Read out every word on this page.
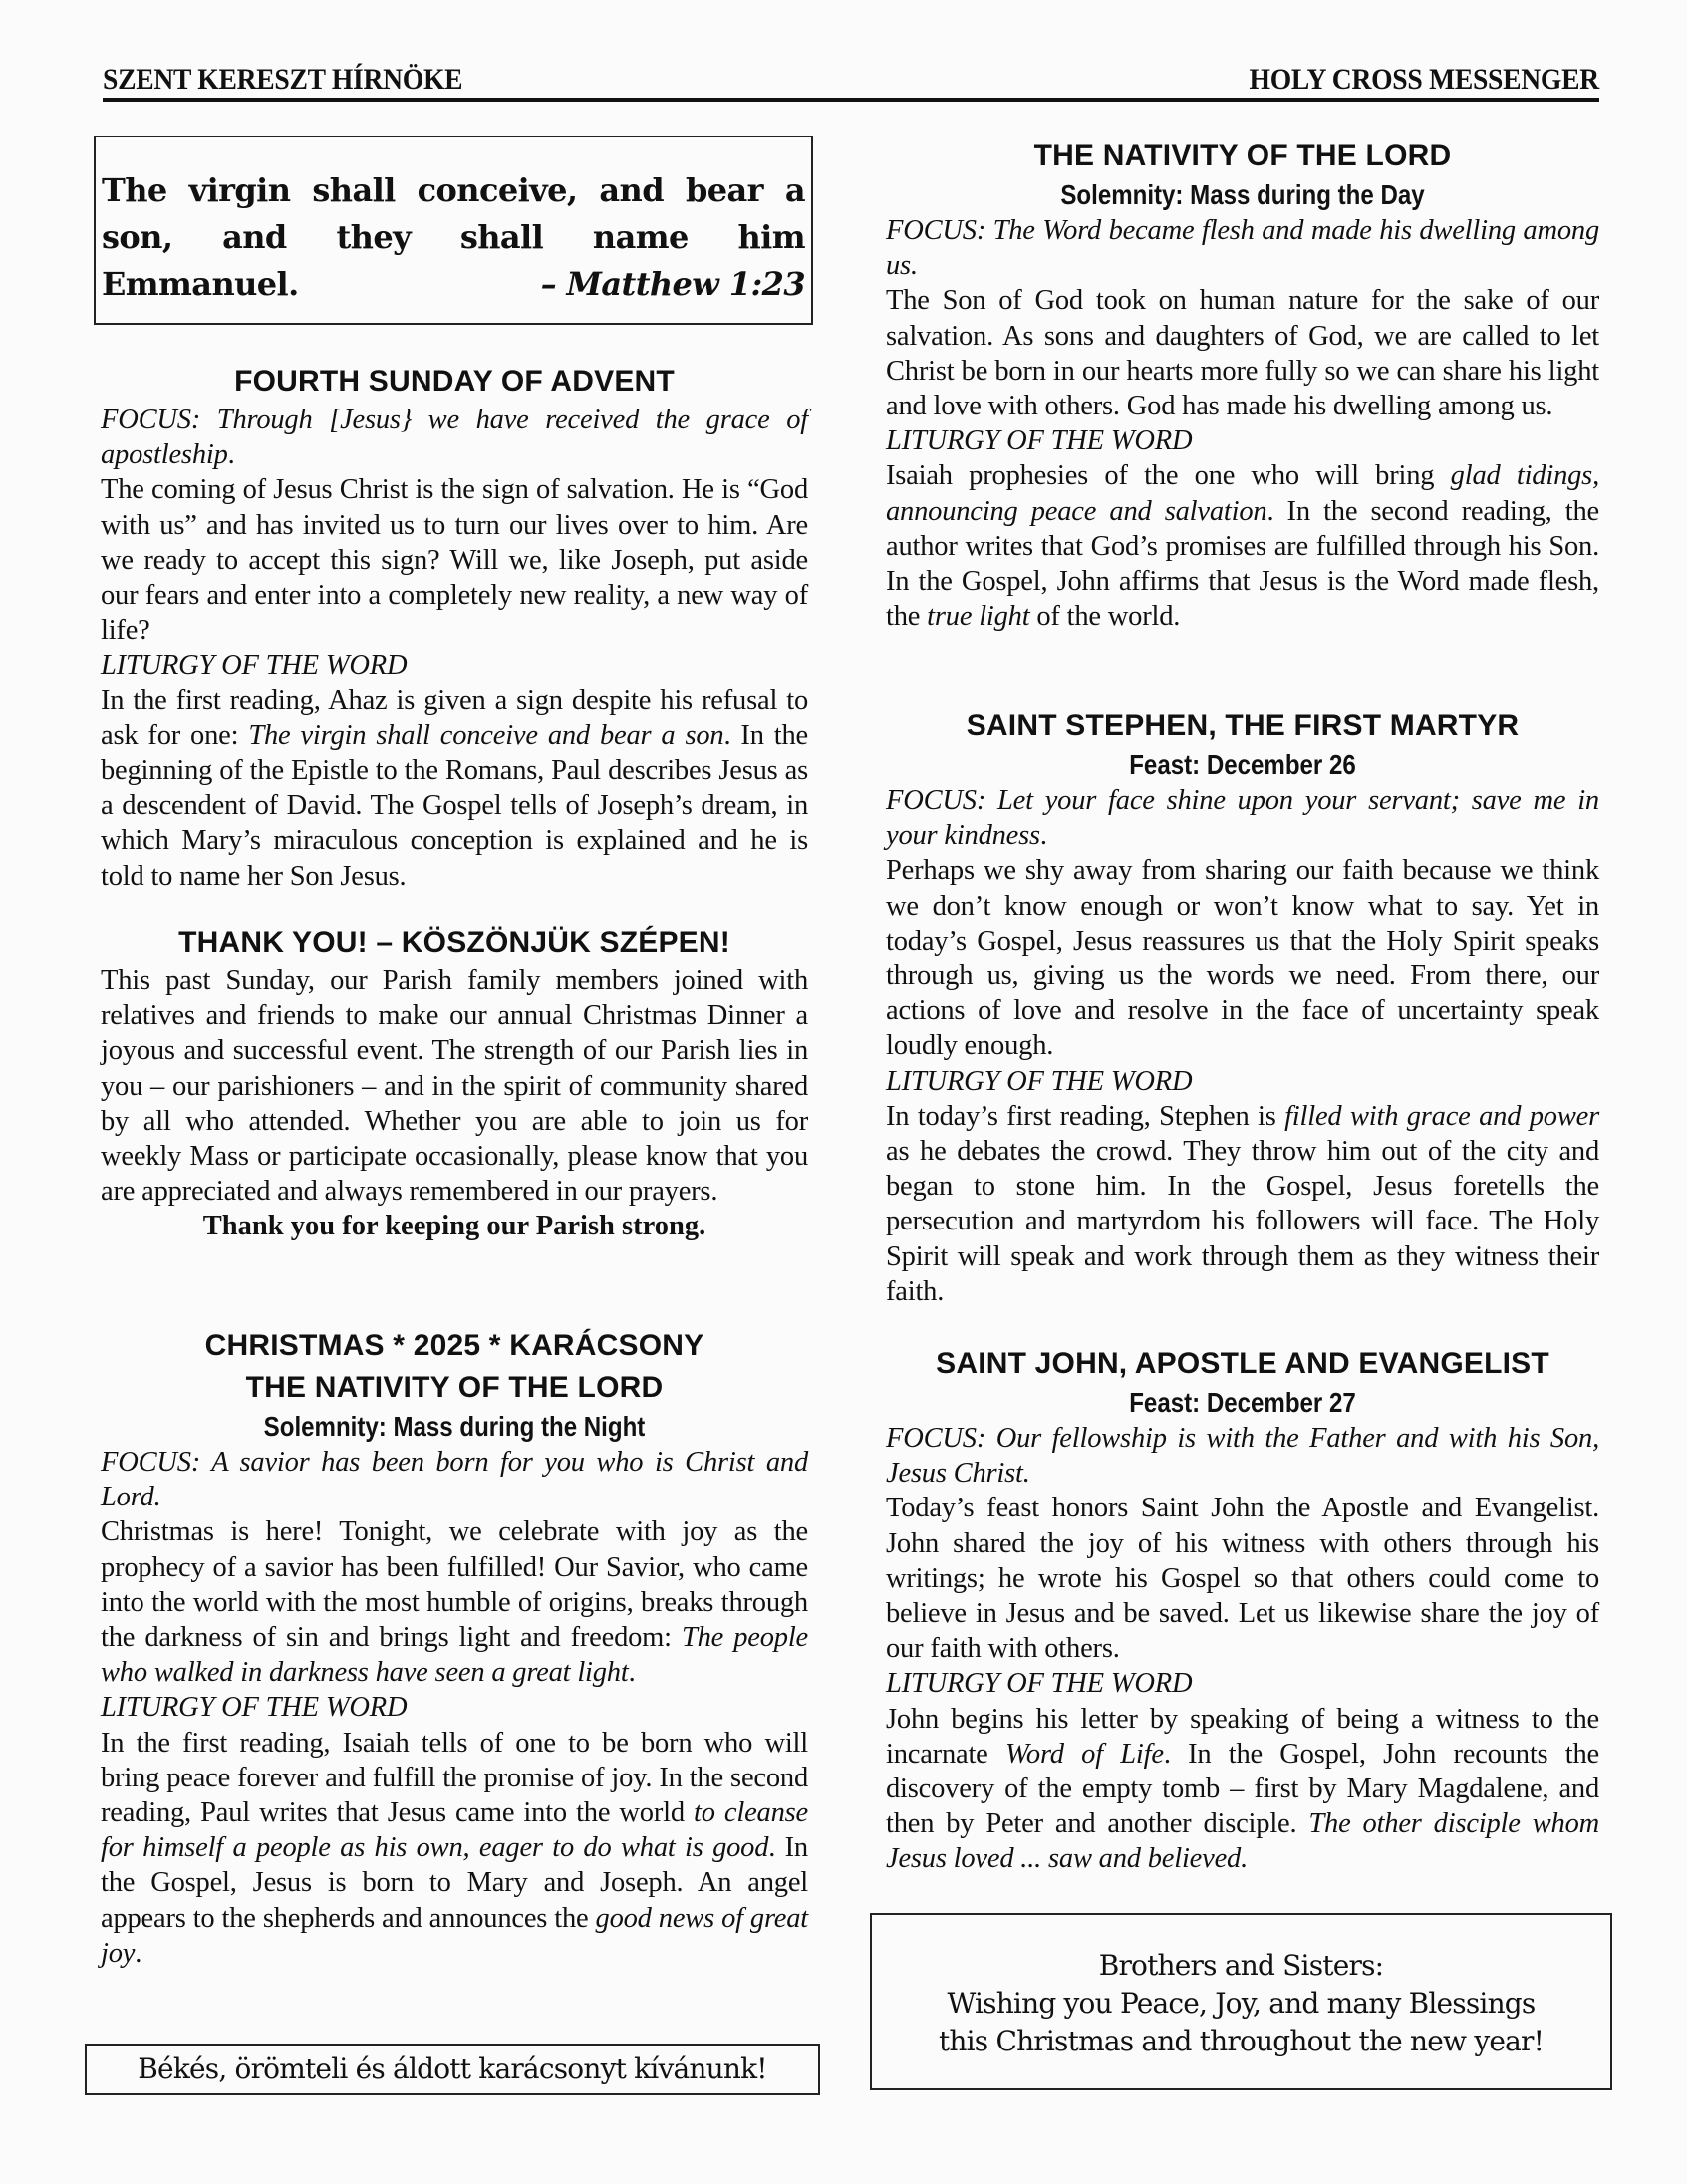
SZENT KERESZT HÍRNÖKE	HOLY CROSS MESSENGER
The virgin shall conceive, and bear a son, and they shall name him
Emmanuel.	– Matthew 1:23
FOURTH SUNDAY OF ADVENT

FOCUS: Through [Jesus} we have received the grace of apostleship.

The coming of Jesus Christ is the sign of salvation. He is “God with us” and has invited us to turn our lives over to him. Are we ready to accept this sign? Will we, like Joseph, put aside our fears and enter into a completely new reality, a new way of life?

LITURGY OF THE WORD

In the first reading, Ahaz is given a sign despite his refusal to ask for one: The virgin shall conceive and bear a son. In the beginning of the Epistle to the Romans, Paul describes Jesus as a descendent of David. The Gospel tells of Joseph’s dream, in which Mary’s miraculous conception is explained and he is told to name her Son Jesus.

THANK YOU! – KÖSZÖNJÜK SZÉPEN!

This past Sunday, our Parish family members joined with relatives and friends to make our annual Christmas Dinner a joyous and successful event. The strength of our Parish lies in you – our parishioners – and in the spirit of community shared by all who attended. Whether you are able to join us for weekly Mass or participate occasionally, please know that you are appreciated and always remembered in our prayers.

Thank you for keeping our Parish strong.
CHRISTMAS * 2025 * KARÁCSONY
THE NATIVITY OF THE LORD
Solemnity: Mass during the Night

FOCUS: A savior has been born for you who is Christ and Lord.

Christmas is here! Tonight, we celebrate with joy as the prophecy of a savior has been fulfilled! Our Savior, who came into the world with the most humble of origins, breaks through the darkness of sin and brings light and freedom: The people who walked in darkness have seen a great light.

LITURGY OF THE WORD

In the first reading, Isaiah tells of one to be born who will bring peace forever and fulfill the promise of joy. In the second reading, Paul writes that Jesus came into the world to cleanse for himself a people as his own, eager to do what is good. In the Gospel, Jesus is born to Mary and Joseph. An angel appears to the shepherds and announces the good news of great joy.

Békés, örömteli és áldott karácsonyt kívánunk!
THE NATIVITY OF THE LORD
Solemnity: Mass during the Day

FOCUS: The Word became flesh and made his dwelling among us.

The Son of God took on human nature for the sake of our salvation. As sons and daughters of God, we are called to let Christ be born in our hearts more fully so we can share his light and love with others. God has made his dwelling among us.

LITURGY OF THE WORD

Isaiah prophesies of the one who will bring glad tidings, announcing peace and salvation. In the second reading, the author writes that God’s promises are fulfilled through his Son. In the Gospel, John affirms that Jesus is the Word made flesh, the true light of the world.

SAINT STEPHEN, THE FIRST MARTYR
Feast: December 26

FOCUS: Let your face shine upon your servant; save me in your kindness.

Perhaps we shy away from sharing our faith because we think we don’t know enough or won’t know what to say. Yet in today’s Gospel, Jesus reassures us that the Holy Spirit speaks through us, giving us the words we need. From there, our actions of love and resolve in the face of uncertainty speak loudly enough.

LITURGY OF THE WORD

In today’s first reading, Stephen is filled with grace and power as he debates the crowd. They throw him out of the city and began to stone him. In the Gospel, Jesus foretells the persecution and martyrdom his followers will face. The Holy Spirit will speak and work through them as they witness their faith.

SAINT JOHN, APOSTLE AND EVANGELIST
Feast: December 27

FOCUS: Our fellowship is with the Father and with his Son, Jesus Christ.

Today’s feast honors Saint John the Apostle and Evangelist. John shared the joy of his witness with others through his writings; he wrote his Gospel so that others could come to believe in Jesus and be saved. Let us likewise share the joy of our faith with others.

LITURGY OF THE WORD

John begins his letter by speaking of being a witness to the incarnate Word of Life. In the Gospel, John recounts the discovery of the empty tomb – first by Mary Magdalene, and then by Peter and another disciple. The other disciple whom Jesus loved ... saw and believed.

Brothers and Sisters:
Wishing you Peace, Joy, and many Blessings
this Christmas and throughout the new year!
